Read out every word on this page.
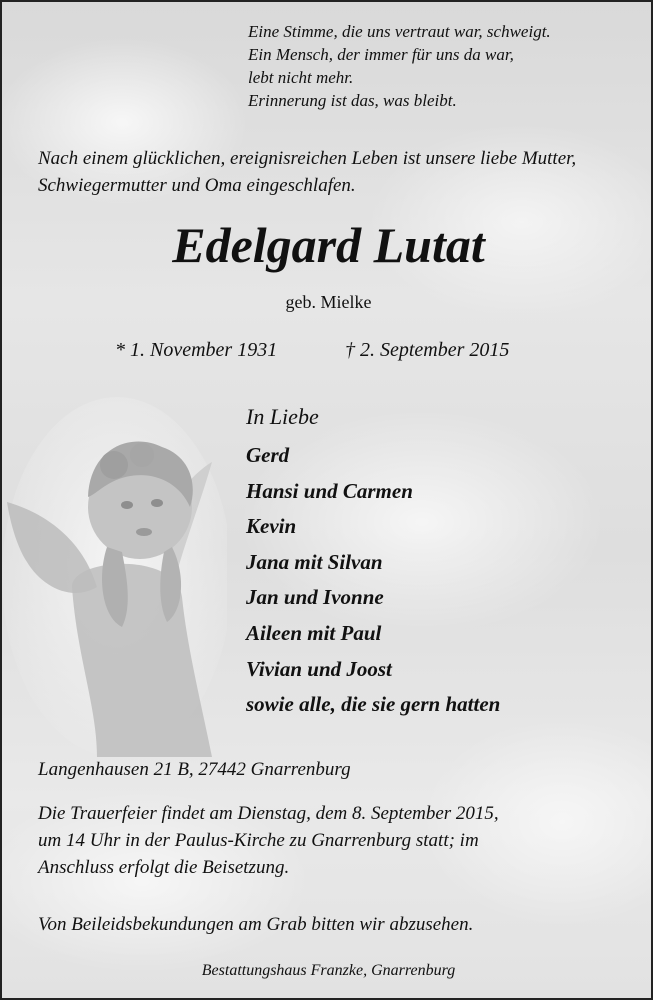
Eine Stimme, die uns vertraut war, schweigt.
Ein Mensch, der immer für uns da war,
lebt nicht mehr.
Erinnerung ist das, was bleibt.
Nach einem glücklichen, ereignisreichen Leben ist unsere liebe Mutter, Schwiegermutter und Oma eingeschlafen.
Edelgard Lutat
geb. Mielke
* 1. November 1931	† 2. September 2015
In Liebe
Gerd
Hansi und Carmen
Kevin
Jana mit Silvan
Jan und Ivonne
Aileen mit Paul
Vivian und Joost
sowie alle, die sie gern hatten
Langenhausen 21 B, 27442 Gnarrenburg
Die Trauerfeier findet am Dienstag, dem 8. September 2015,
um 14 Uhr in der Paulus-Kirche zu Gnarrenburg statt; im
Anschluss erfolgt die Beisetzung.
Von Beileidsbekundungen am Grab bitten wir abzusehen.
Bestattungshaus Franzke, Gnarrenburg
